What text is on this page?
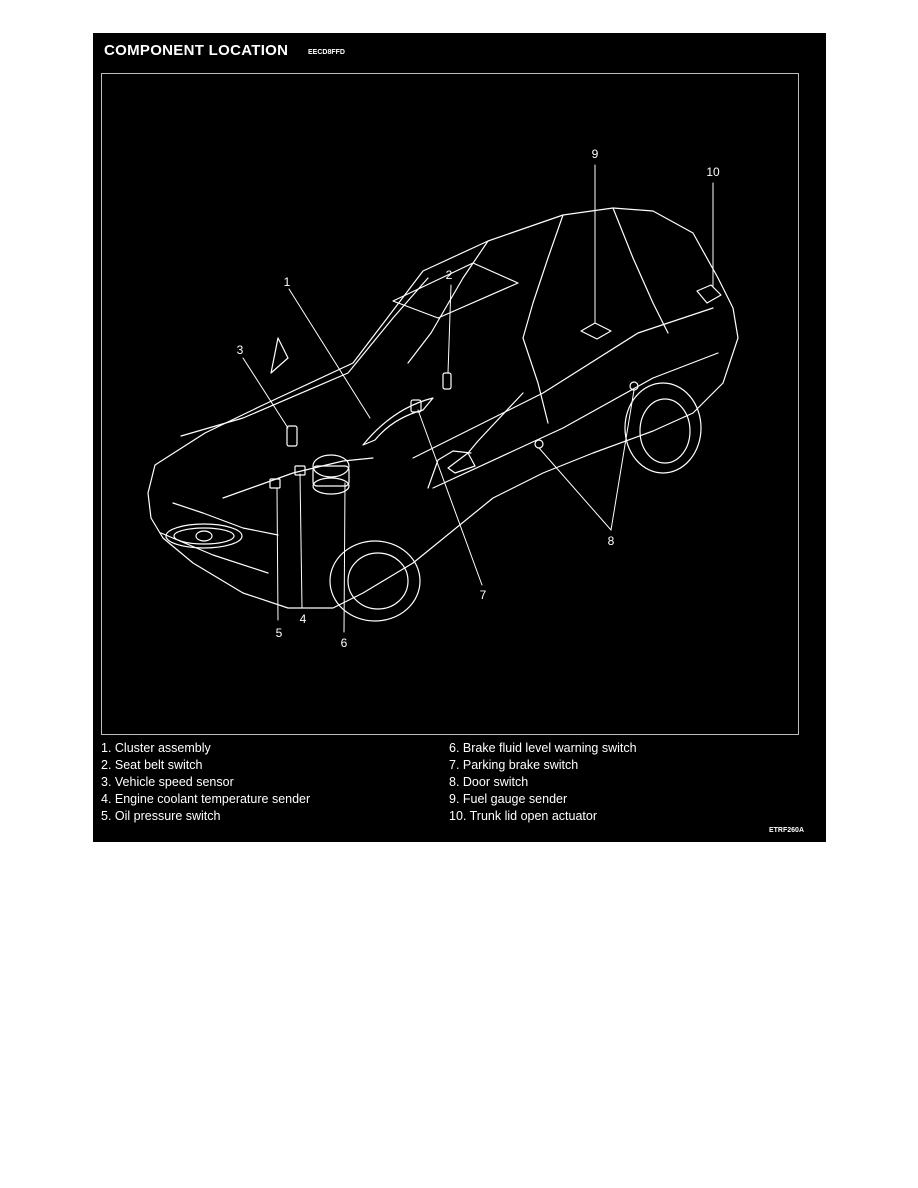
COMPONENT LOCATION	EECD8FFD
1	2
3
4
5
6
7
8
9
10
1. Cluster assembly
2. Seat belt switch
3. Vehicle speed sensor
4. Engine coolant temperature sender
5. Oil pressure switch
6. Brake fluid level warning switch
7. Parking brake switch
8. Door switch
9. Fuel gauge sender
10. Trunk lid open actuator
ETRF260A
